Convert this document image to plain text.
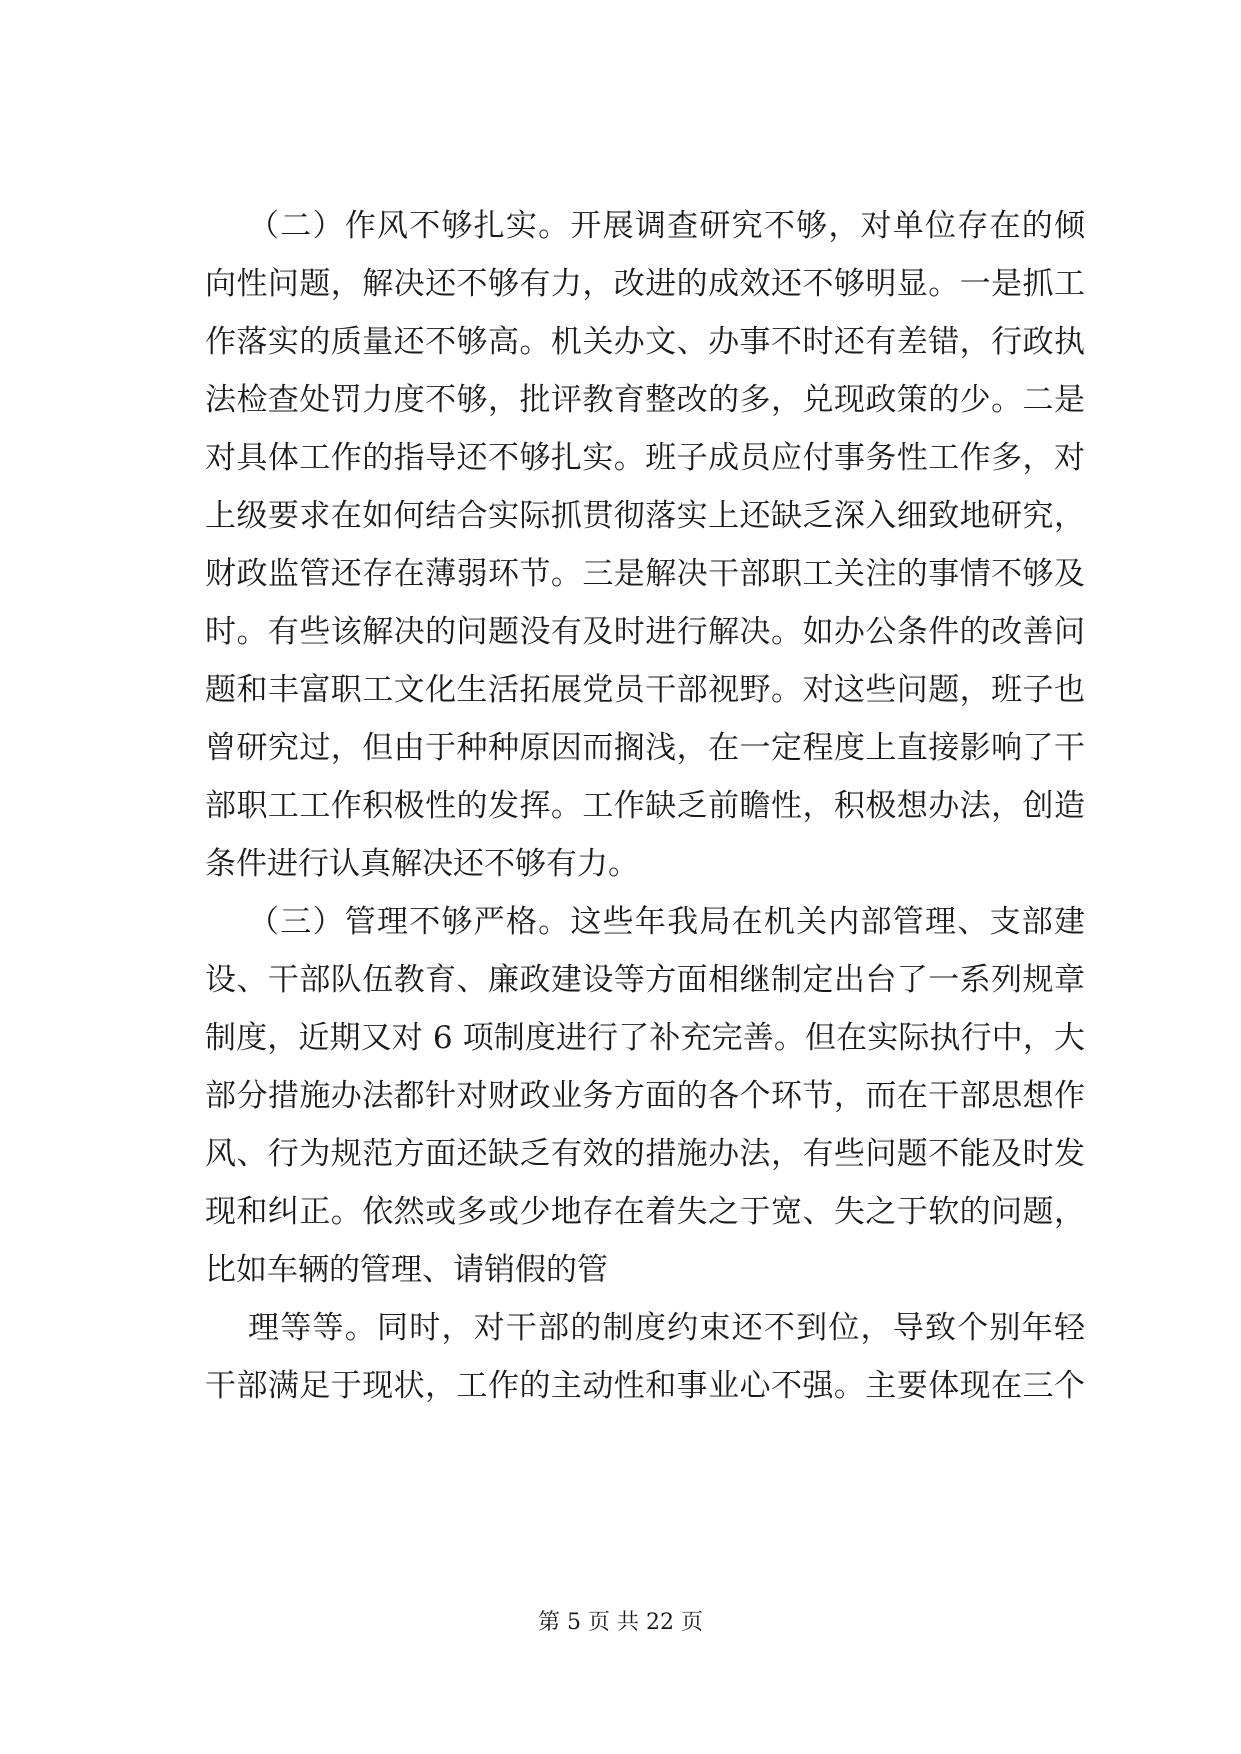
（二）作风不够扎实。开展调查研究不够，对单位存在的倾
向性问题，解决还不够有力，改进的成效还不够明显。一是抓工
作落实的质量还不够高。机关办文、办事不时还有差错，行政执
法检查处罚力度不够，批评教育整改的多，兑现政策的少。二是
对具体工作的指导还不够扎实。班子成员应付事务性工作多，对
上级要求在如何结合实际抓贯彻落实上还缺乏深入细致地研究，
财政监管还存在薄弱环节。三是解决干部职工关注的事情不够及
时。有些该解决的问题没有及时进行解决。如办公条件的改善问
题和丰富职工文化生活拓展党员干部视野。对这些问题，班子也
曾研究过，但由于种种原因而搁浅，在一定程度上直接影响了干
部职工工作积极性的发挥。工作缺乏前瞻性，积极想办法，创造
条件进行认真解决还不够有力。
（三）管理不够严格。这些年我局在机关内部管理、支部建
设、干部队伍教育、廉政建设等方面相继制定出台了一系列规章
制度，近期又对 6 项制度进行了补充完善。但在实际执行中，大
部分措施办法都针对财政业务方面的各个环节，而在干部思想作
风、行为规范方面还缺乏有效的措施办法，有些问题不能及时发
现和纠正。依然或多或少地存在着失之于宽、失之于软的问题，
比如车辆的管理、请销假的管
理等等。同时，对干部的制度约束还不到位，导致个别年轻
干部满足于现状，工作的主动性和事业心不强。主要体现在三个
第 5 页 共 22 页
